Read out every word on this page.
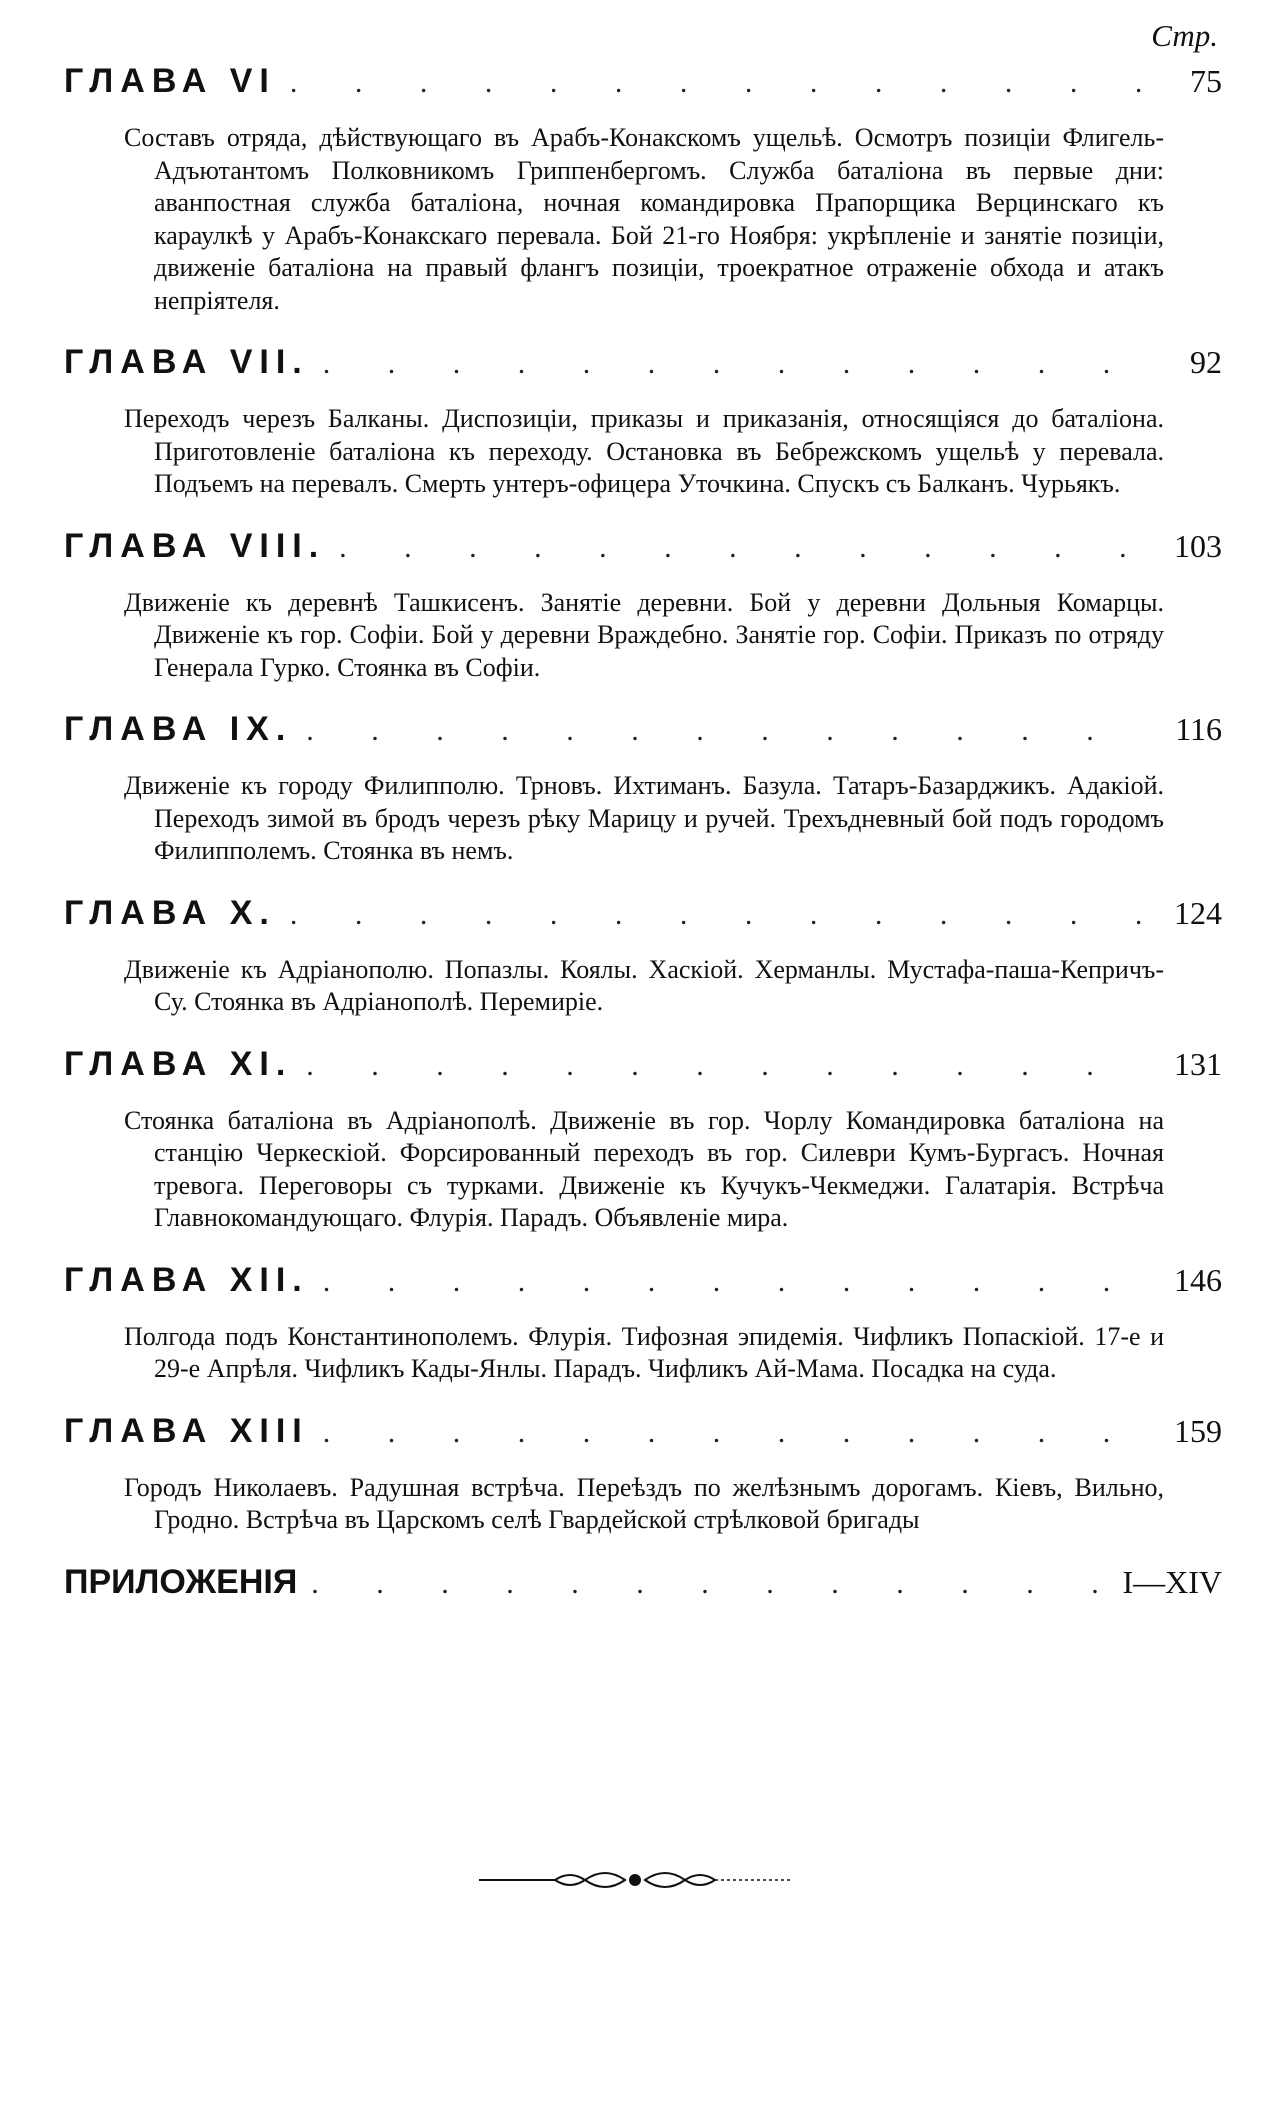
Стр.
ГЛАВА VI . . .	75
Составъ отряда, дѣйствующаго въ Арабъ-Конакскомъ ущельѣ. Осмотръ позиціи Флигель-Адъютантомъ Полковникомъ Гриппенбергомъ. Служба баталіона въ первые дни: аванпостная служба баталіона, ночная командировка Прапорщика Верцинскаго къ караулкѣ у Арабъ-Конакскаго перевала. Бой 21-го Ноября: укрѣпленіе и занятіе позиціи, движеніе баталіона на правый флангъ позиціи, троекратное отраженіе обхода и атакъ непріятеля.
ГЛАВА VII. . . .	92
Переходъ черезъ Балканы. Диспозиціи, приказы и приказанія, относящіяся до баталіона. Приготовленіе баталіона къ переходу. Остановка въ Бебрежскомъ ущельѣ у перевала. Подъемъ на перевалъ. Смерть унтеръ-офицера Уточкина. Спускъ съ Балканъ. Чурьякъ.
ГЛАВА VIII. . . .	103
Движеніе къ деревнѣ Ташкисенъ. Занятіе деревни. Бой у деревни Дольныя Комарцы. Движеніе къ гор. Софіи. Бой у деревни Враждебно. Занятіе гор. Софіи. Приказъ по отряду Генерала Гурко. Стоянка въ Софіи.
ГЛАВА IX. . . .	116
Движеніе къ городу Филипполю. Трновъ. Ихтиманъ. Базула. Татаръ-Базарджикъ. Адакіой. Переходъ зимой въ бродъ черезъ рѣку Марицу и ручей. Трехъдневный бой подъ городомъ Филипполемъ. Стоянка въ немъ.
ГЛАВА X. . . .	124
Движеніе къ Адріанополю. Попазлы. Коялы. Хаскіой. Херманлы. Мустафа-паша-Кепричъ-Су. Стоянка въ Адріанополѣ. Перемиріе.
ГЛАВА XI. . . .	131
Стоянка баталіона въ Адріанополѣ. Движеніе въ гор. Чорлу Командировка баталіона на станцію Черкескіой. Форсированный переходъ въ гор. Силеври Кумъ-Бургасъ. Ночная тревога. Переговоры съ турками. Движеніе къ Кучукъ-Чекмеджи. Галатарія. Встрѣча Главнокомандующаго. Флурія. Парадъ. Объявленіе мира.
ГЛАВА XII. . . .	146
Полгода подъ Константинополемъ. Флурія. Тифозная эпидемія. Чифликъ Попаскіой. 17-е и 29-е Апрѣля. Чифликъ Кады-Янлы. Парадъ. Чифликъ Ай-Мама. Посадка на суда.
ГЛАВА XIII . . .	159
Городъ Николаевъ. Радушная встрѣча. Переѣздъ по желѣзнымъ дорогамъ. Кіевъ, Вильно, Гродно. Встрѣча въ Царскомъ селѣ Гвардейской стрѣлковой бригады
ПРИЛОЖЕНІЯ . . .	I—XIV
